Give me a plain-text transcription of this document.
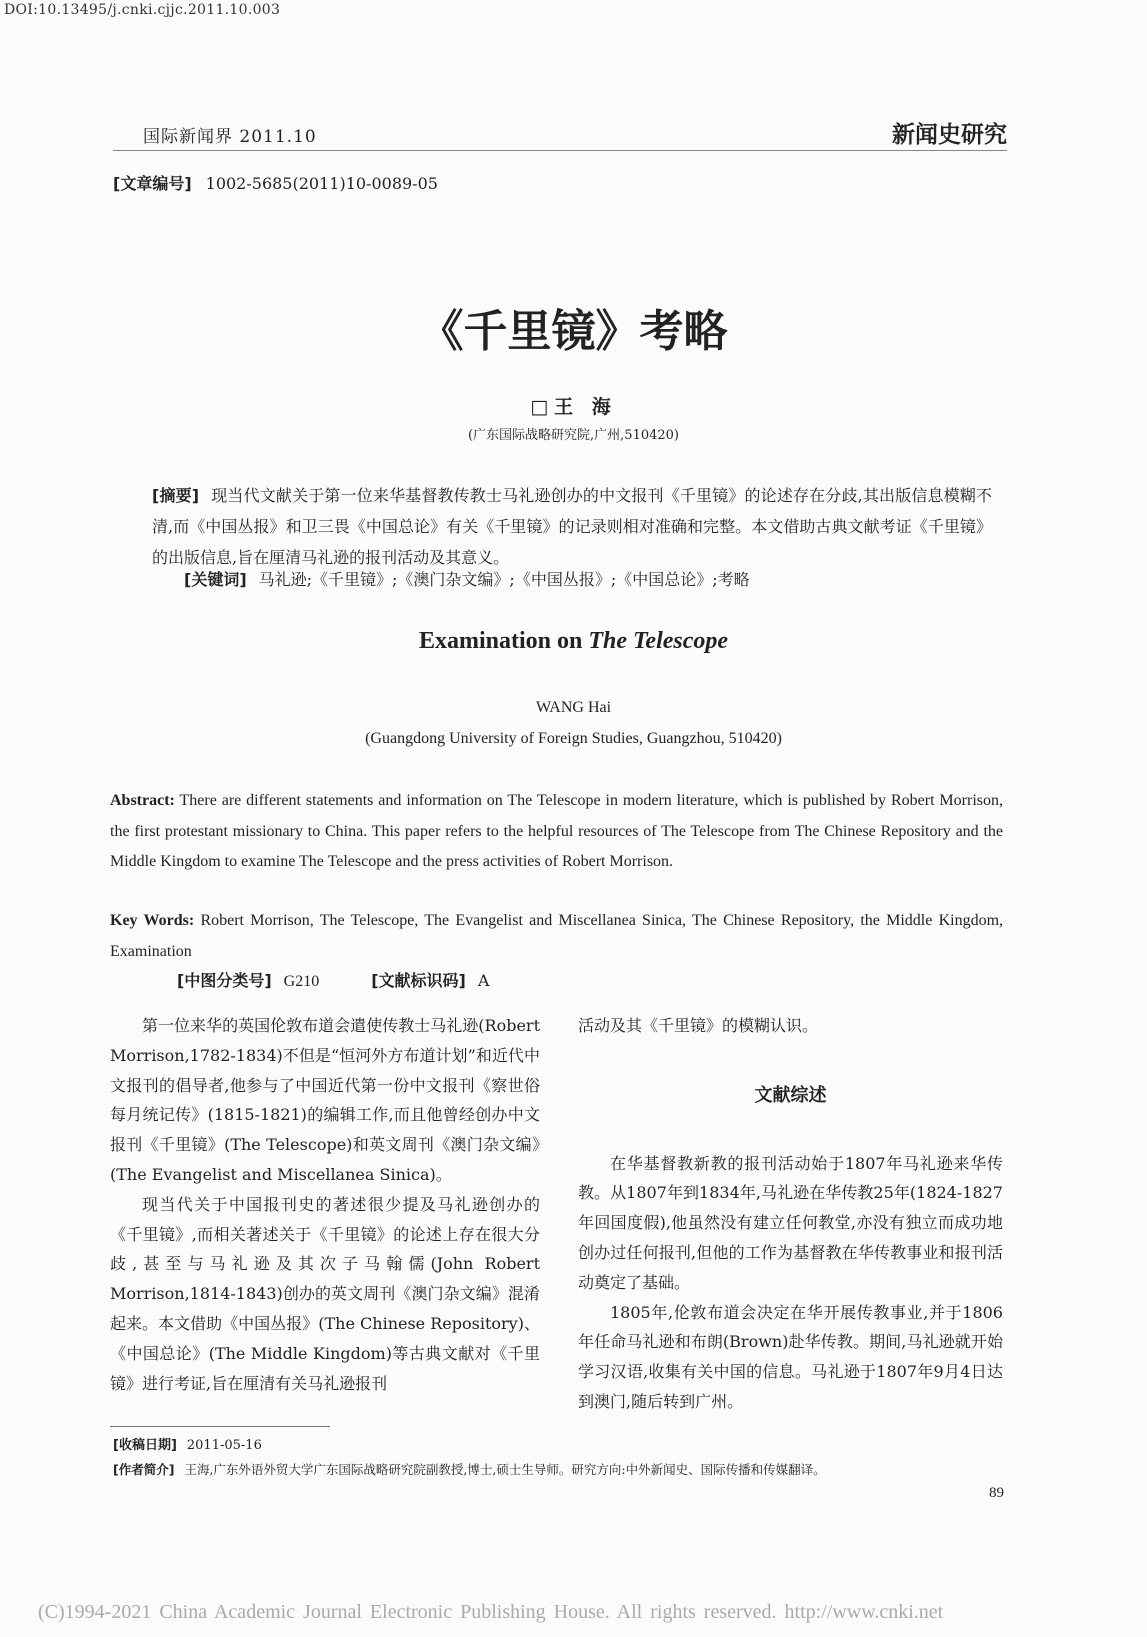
DOI:10.13495/j.cnki.cjjc.2011.10.003
国际新闻界 2011.10	新闻史研究
[文章编号] 1002-5685(2011)10-0089-05
《千里镜》考略
□王 海
(广东国际战略研究院,广州,510420)
[摘要] 现当代文献关于第一位来华基督教传教士马礼逊创办的中文报刊《千里镜》的论述存在分歧,其出版信息模糊不清,而《中国丛报》和卫三畏《中国总论》有关《千里镜》的记录则相对准确和完整。本文借助古典文献考证《千里镜》的出版信息,旨在厘清马礼逊的报刊活动及其意义。
[关键词] 马礼逊;《千里镜》;《澳门杂文编》;《中国丛报》;《中国总论》;考略
Examination on The Telescope
WANG Hai
(Guangdong University of Foreign Studies, Guangzhou, 510420)
Abstract: There are different statements and information on The Telescope in modern literature, which is published by Robert Morrison, the first protestant missionary to China. This paper refers to the helpful resources of The Telescope from The Chinese Repository and the Middle Kingdom to examine The Telescope and the press activities of Robert Morrison.
Key Words: Robert Morrison, The Telescope, The Evangelist and Miscellanea Sinica, The Chinese Repository, the Middle Kingdom, Examination
[中图分类号] G210	[文献标识码] A

第一位来华的英国伦敦布道会遣使传教士马礼逊(Robert Morrison,1782-1834)不但是“恒河外方布道计划”和近代中文报刊的倡导者,他参与了中国近代第一份中文报刊《察世俗每月统记传》(1815-1821)的编辑工作,而且他曾经创办中文报刊《千里镜》(The Telescope)和英文周刊《澳门杂文编》(The Evangelist and Miscellanea Sinica)。

现当代关于中国报刊史的著述很少提及马礼逊创办的《千里镜》,而相关著述关于《千里镜》的论述上存在很大分歧,甚至与马礼逊及其次子马翰儒(John Robert Morrison,1814-1843)创办的英文周刊《澳门杂文编》混淆起来。本文借助《中国丛报》(The Chinese Repository)、《中国总论》(The Middle Kingdom)等古典文献对《千里镜》进行考证,旨在厘清有关马礼逊报刊

活动及其《千里镜》的模糊认识。

文献综述

在华基督教新教的报刊活动始于1807年马礼逊来华传教。从1807年到1834年,马礼逊在华传教25年(1824-1827年回国度假),他虽然没有建立任何教堂,亦没有独立而成功地创办过任何报刊,但他的工作为基督教在华传教事业和报刊活动奠定了基础。

1805年,伦敦布道会决定在华开展传教事业,并于1806年任命马礼逊和布朗(Brown)赴华传教。期间,马礼逊就开始学习汉语,收集有关中国的信息。马礼逊于1807年9月4日达到澳门,随后转到广州。

[收稿日期] 2011-05-16
[作者简介] 王海,广东外语外贸大学广东国际战略研究院副教授,博士,硕士生导师。研究方向:中外新闻史、国际传播和传媒翻译。
89
(C)1994-2021 China Academic Journal Electronic Publishing House. All rights reserved. http://www.cnki.net
